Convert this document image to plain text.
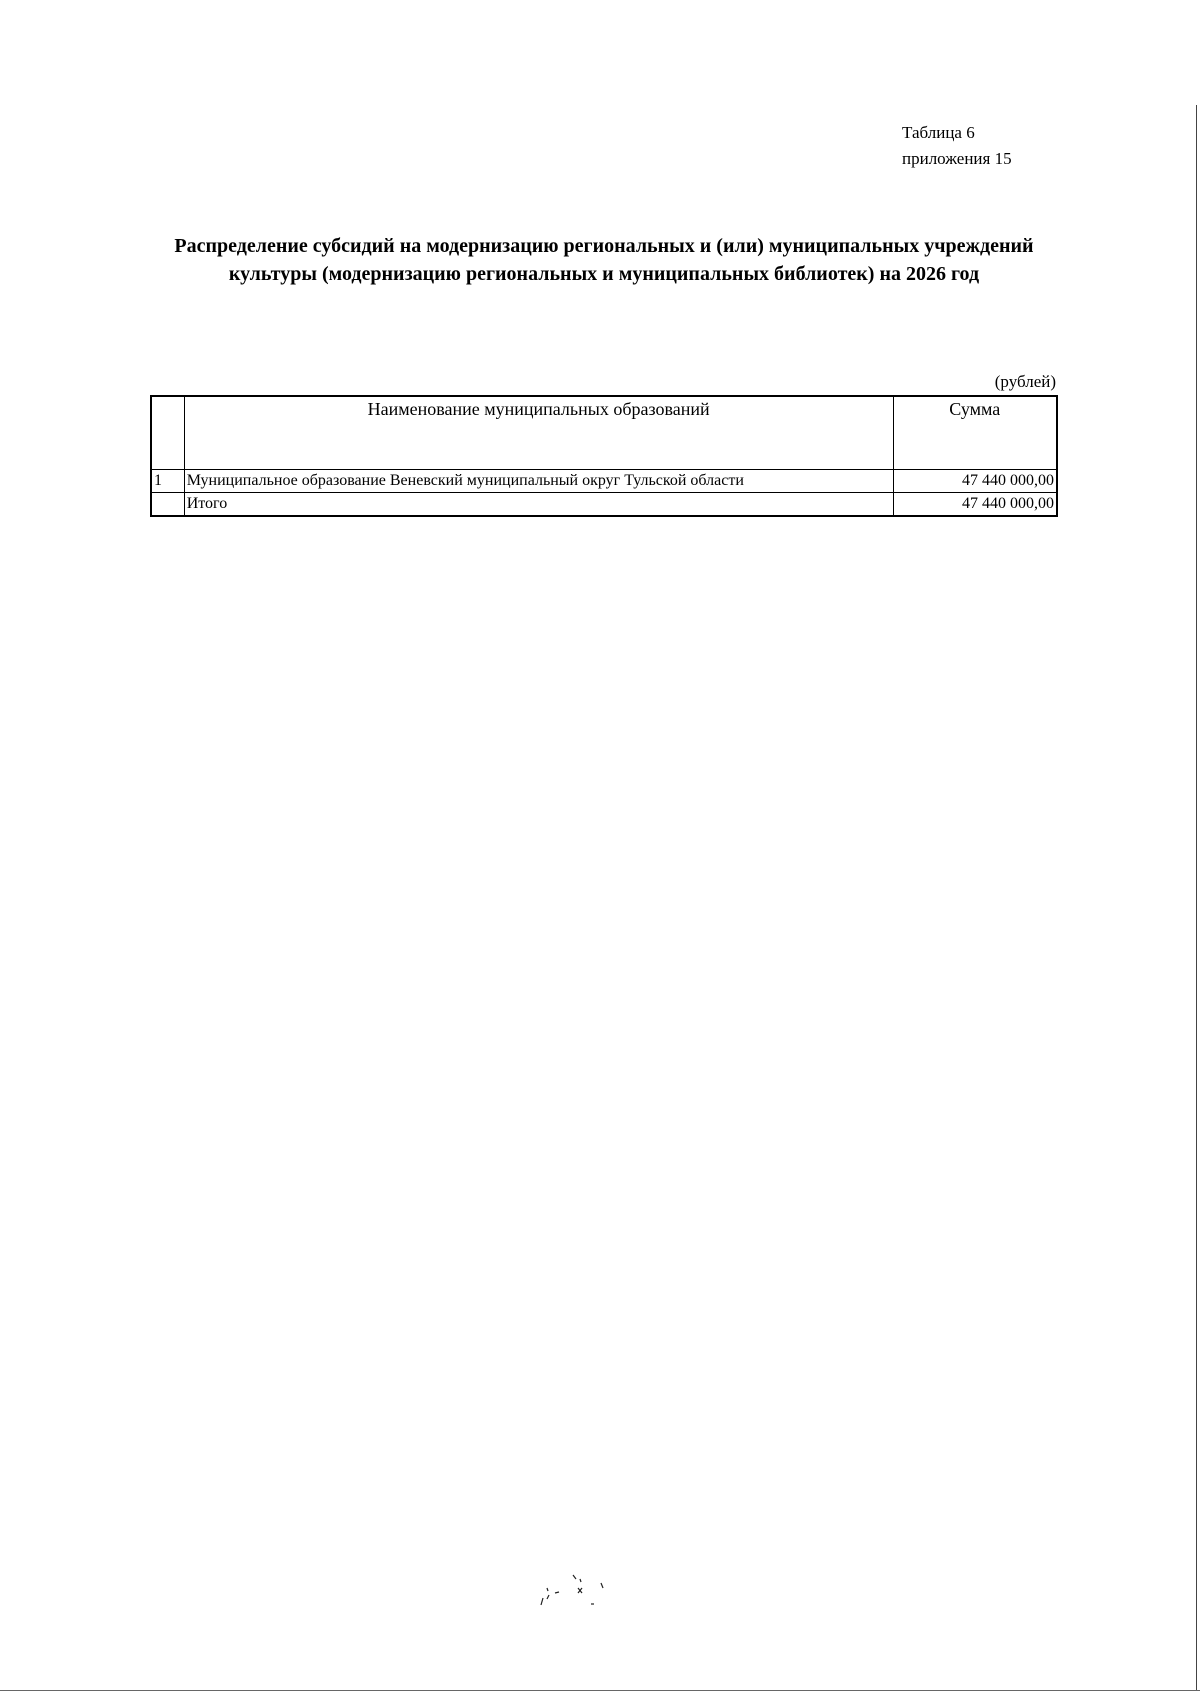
Таблица 6
приложения 15
Распределение субсидий на модернизацию региональных и (или) муниципальных учреждений культуры (модернизацию региональных и муниципальных библиотек) на 2026 год
(рублей)
	Наименование муниципальных образований	Сумма
1	Муниципальное образование Веневский муниципальный округ Тульской области	47 440 000,00
	Итого	47 440 000,00
